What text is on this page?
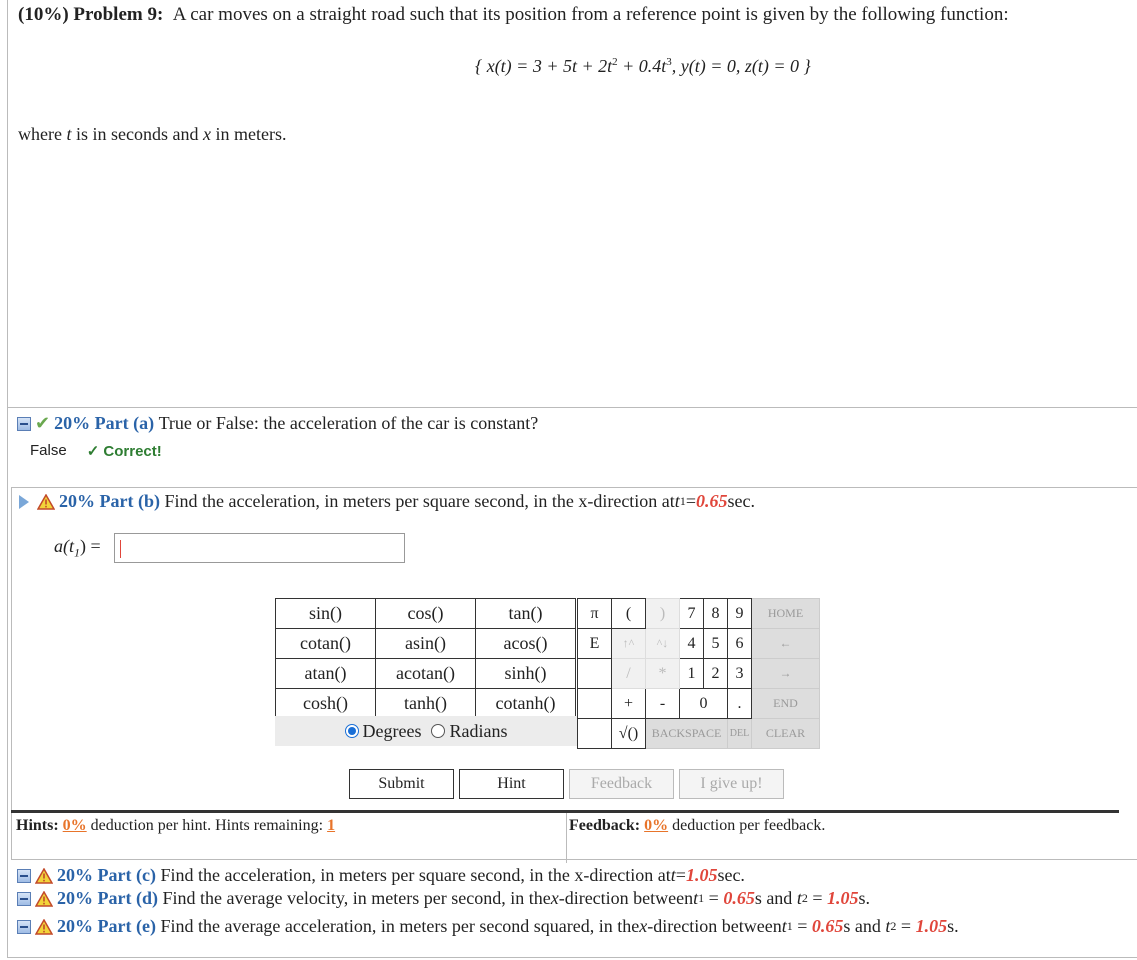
(10%) Problem 9: A car moves on a straight road such that its position from a reference point is given by the following function:
{ $x(t) = 3 + 5t + 2t^2 + 0.4t^3$, y(t) = 0, z(t) = 0 }
where t is in seconds and x in meters.
✔ 20% Part (a)
True or False: the acceleration of the car is constant?
False ✓ Correct!
20% Part (b)
Find the acceleration, in meters per square second, in the x-direction at t 1 = 0.65 sec.
$a(t_1)$ =
sin()	cos()	tan()
cotan()	asin()	acos()
atan()	acotan()	sinh()
cosh()	tanh()	cotanh()
Degrees	Radians
π	(	)	7	8	9	HOME
E	↑^	^↓	4	5	6	←
	/	*	1	2	3	→
	+	-	0		.	END
	√()	BACKSPACE			DEL	CLEAR
Submit	Hint	Feedback	I give up!
Hints: 0% deduction per hint. Hints remaining: 1	Feedback: 0% deduction per feedback.
20% Part (c)
Find the acceleration, in meters per square second, in the x-direction at t = 1.05 sec.
20% Part (d)
Find the average velocity, in meters per second, in the x -direction between t 1 = 0.65 s and
t 2 = 1.05 s.
20% Part (e)
Find the average acceleration, in meters per second squared, in the x -direction between t 1 = 0.65 s and
t 2 = 1.05 s.
